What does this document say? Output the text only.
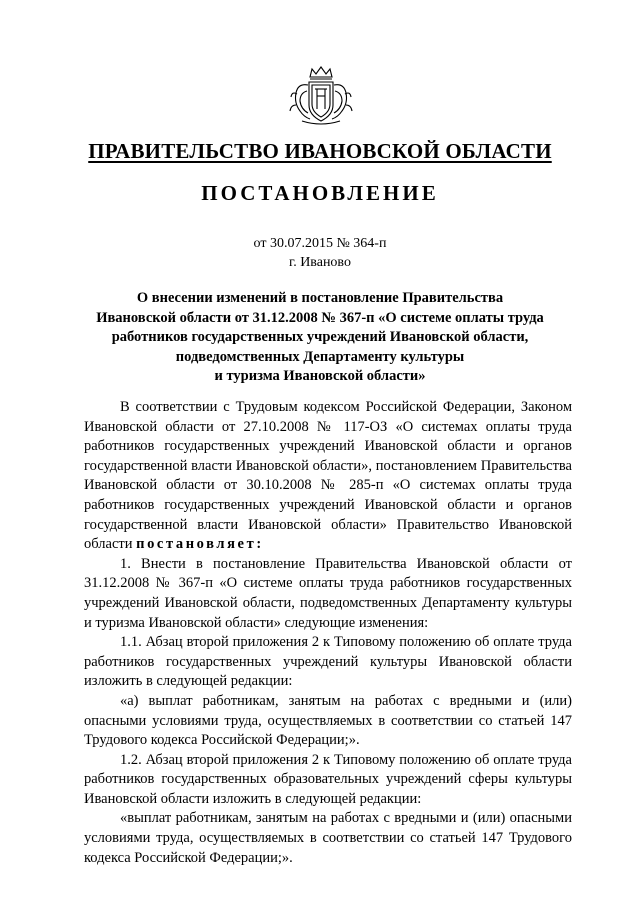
ПРАВИТЕЛЬСТВО ИВАНОВСКОЙ ОБЛАСТИ
ПОСТАНОВЛЕНИЕ
от 30.07.2015 № 364-п
г. Иваново
О внесении изменений в постановление Правительства
Ивановской области от 31.12.2008 № 367-п «О системе оплаты труда
работников государственных учреждений Ивановской области,
подведомственных Департаменту культуры
и туризма Ивановской области»

В соответствии с Трудовым кодексом Российской Федерации, Законом Ивановской области от 27.10.2008 № 117-ОЗ «О системах оплаты труда работников государственных учреждений Ивановской области и органов государственной власти Ивановской области», постановлением Правительства Ивановской области от 30.10.2008 № 285-п «О системах оплаты труда работников государственных учреждений Ивановской области и органов государственной власти Ивановской области» Правительство Ивановской области постановляет:

1. Внести в постановление Правительства Ивановской области от 31.12.2008 № 367-п «О системе оплаты труда работников государственных учреждений Ивановской области, подведомственных Департаменту культуры и туризма Ивановской области» следующие изменения:

1.1. Абзац второй приложения 2 к Типовому положению об оплате труда работников государственных учреждений культуры Ивановской области изложить в следующей редакции:

«а) выплат работникам, занятым на работах с вредными и (или) опасными условиями труда, осуществляемых в соответствии со статьей 147 Трудового кодекса Российской Федерации;».

1.2. Абзац второй приложения 2 к Типовому положению об оплате труда работников государственных образовательных учреждений сферы культуры Ивановской области изложить в следующей редакции:

«выплат работникам, занятым на работах с вредными и (или) опасными условиями труда, осуществляемых в соответствии со статьей 147 Трудового кодекса Российской Федерации;».
